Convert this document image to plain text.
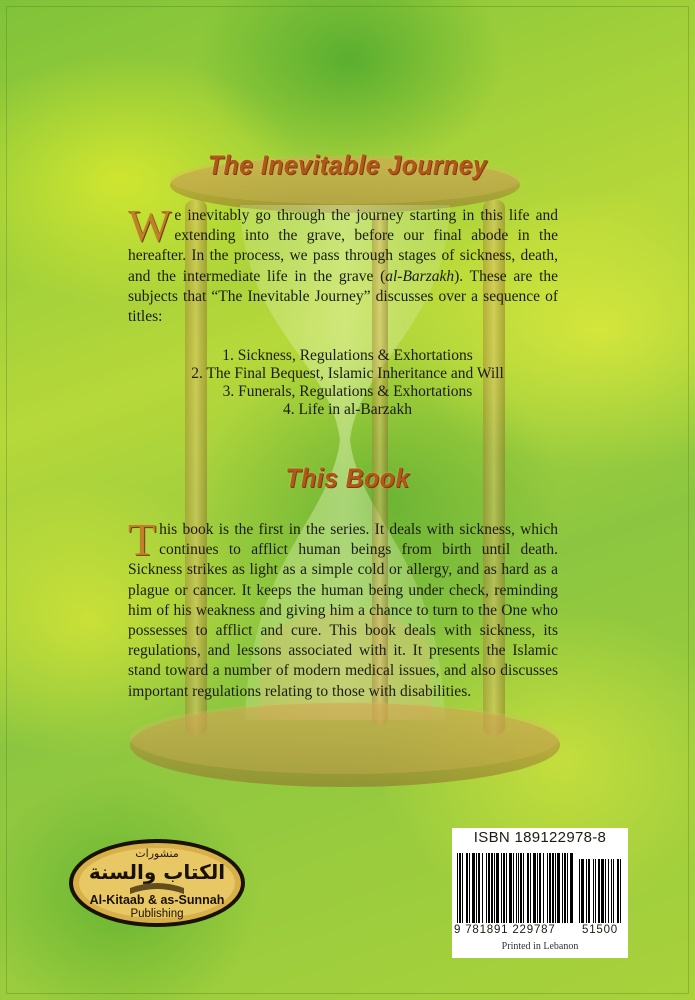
The Inevitable Journey
We inevitably go through the journey starting in this life and extending into the grave, before our final abode in the hereafter. In the process, we pass through stages of sickness, death, and the intermediate life in the grave (al-Barzakh). These are the subjects that “The Inevitable Journey” discusses over a sequence of titles:
1. Sickness, Regulations & Exhortations
2. The Final Bequest, Islamic Inheritance and Will
3. Funerals, Regulations & Exhortations
4. Life in al-Barzakh
This Book
This book is the first in the series. It deals with sickness, which continues to afflict human beings from birth until death. Sickness strikes as light as a simple cold or allergy, and as hard as a plague or cancer. It keeps the human being under check, reminding him of his weakness and giving him a chance to turn to the One who possesses to afflict and cure. This book deals with sickness, its regulations, and lessons associated with it. It presents the Islamic stand toward a number of modern medical issues, and also discusses important regulations relating to those with disabilities.
منشورات
الكتاب والسنة
Al-Kitaab & as-Sunnah
Publishing
ISBN 189122978-8
9 781891 229787 51500
Printed in Lebanon
